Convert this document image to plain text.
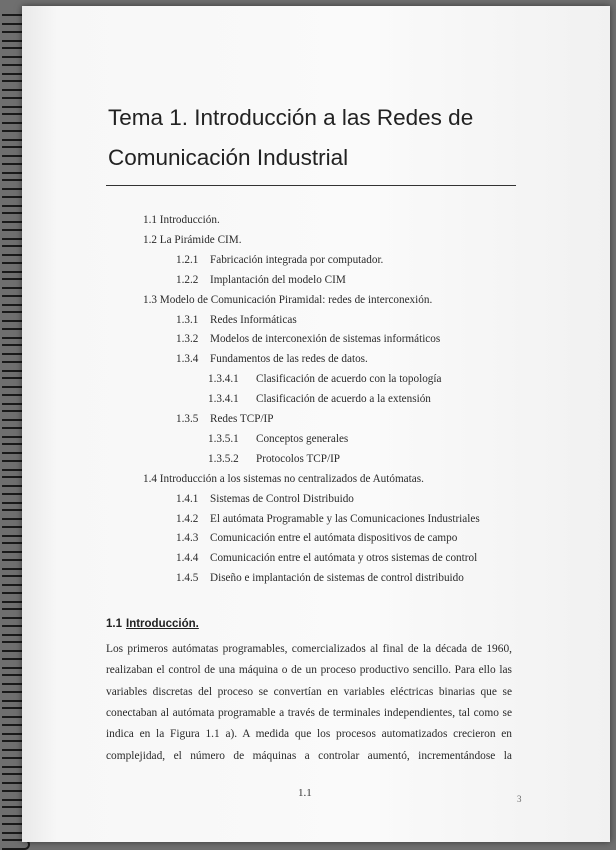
Tema 1. Introducción a las Redes de
Comunicación Industrial
1.1 Introducción.
1.2 La Pirámide CIM.
1.2.1 Fabricación integrada por computador.
1.2.2 Implantación del modelo CIM
1.3 Modelo de Comunicación Piramidal: redes de interconexión.
1.3.1 Redes Informáticas
1.3.2 Modelos de interconexión de sistemas informáticos
1.3.4 Fundamentos de las redes de datos.
1.3.4.1 Clasificación de acuerdo con la topología
1.3.4.1 Clasificación de acuerdo a la extensión
1.3.5 Redes TCP/IP
1.3.5.1 Conceptos generales
1.3.5.2 Protocolos TCP/IP
1.4 Introducción a los sistemas no centralizados de Autómatas.
1.4.1 Sistemas de Control Distribuido
1.4.2 El autómata Programable y las Comunicaciones Industriales
1.4.3 Comunicación entre el autómata dispositivos de campo
1.4.4 Comunicación entre el autómata y otros sistemas de control
1.4.5 Diseño e implantación de sistemas de control distribuido
1.1 Introducción.
Los primeros autómatas programables, comercializados al final de la década de 1960,
realizaban el control de una máquina o de un proceso productivo sencillo. Para ello las
variables discretas del proceso se convertían en variables eléctricas binarias que se
conectaban al autómata programable a través de terminales independientes, tal como se
indica en la Figura 1.1 a). A medida que los procesos automatizados crecieron en
complejidad, el número de máquinas a controlar aumentó, incrementándose la
1.1	3
